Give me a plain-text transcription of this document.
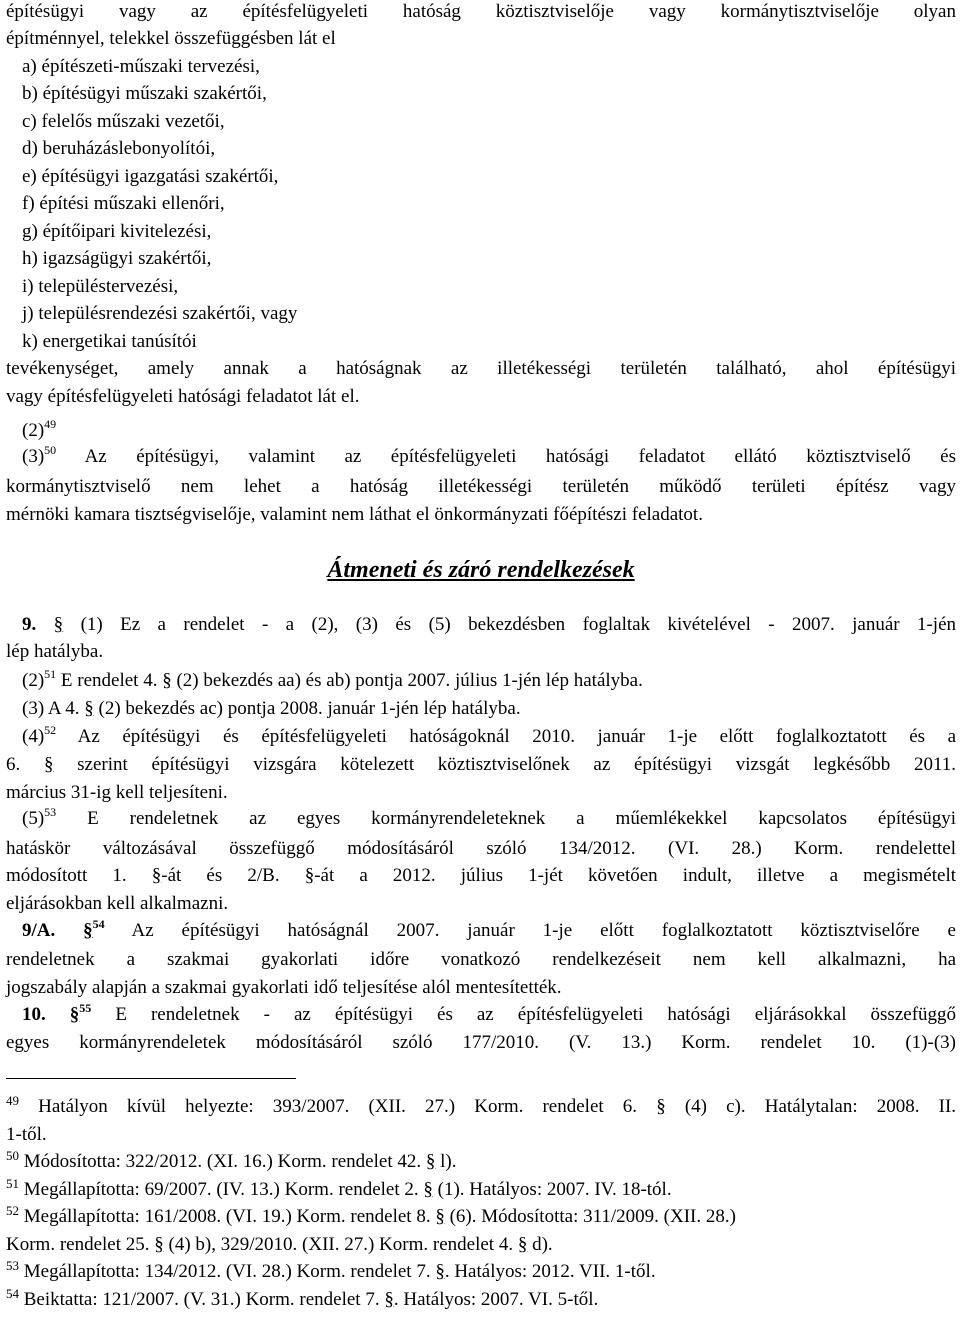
építésügyi vagy az építésfelügyeleti hatóság köztisztviselője vagy kormánytisztviselője olyan
építménnyel, telekkel összefüggésben lát el
a) építészeti-műszaki tervezési,
b) építésügyi műszaki szakértői,
c) felelős műszaki vezetői,
d) beruházáslebonyolítói,
e) építésügyi igazgatási szakértői,
f) építési műszaki ellenőri,
g) építőipari kivitelezési,
h) igazságügyi szakértői,
i) településtervezési,
j) településrendezési szakértői, vagy
k) energetikai tanúsítói
tevékenységet, amely annak a hatóságnak az illetékességi területén található, ahol építésügyi
vagy építésfelügyeleti hatósági feladatot lát el.
$(2)^{49}$
$(3)^{50}$ Az építésügyi, valamint az építésfelügyeleti hatósági feladatot ellátó köztisztviselő és
kormánytisztviselő nem lehet a hatóság illetékességi területén működő területi építész vagy
mérnöki kamara tisztségviselője, valamint nem láthat el önkormányzati főépítészi feladatot.
Átmeneti és záró rendelkezések
9. § (1) Ez a rendelet - a (2), (3) és (5) bekezdésben foglaltak kivételével - 2007. január 1-jén
lép hatályba.
$(2)^{51}$ E rendelet 4. § (2) bekezdés aa) és ab) pontja 2007. július 1-jén lép hatályba.
(3) A 4. § (2) bekezdés ac) pontja 2008. január 1-jén lép hatályba.
$(4)^{52}$ Az építésügyi és építésfelügyeleti hatóságoknál 2010. január 1-je előtt foglalkoztatott és a
6. § szerint építésügyi vizsgára kötelezett köztisztviselőnek az építésügyi vizsgát legkésőbb 2011.
március 31-ig kell teljesíteni.
$(5)^{53}$ E rendeletnek az egyes kormányrendeleteknek a műemlékekkel kapcsolatos építésügyi
hatáskör változásával összefüggő módosításáról szóló 134/2012. (VI. 28.) Korm. rendelettel
módosított 1. §-át és 2/B. §-át a 2012. július 1-jét követően indult, illetve a megismételt
eljárásokban kell alkalmazni.
9/A. §$^{54}$ Az építésügyi hatóságnál 2007. január 1-je előtt foglalkoztatott köztisztviselőre e
rendeletnek a szakmai gyakorlati időre vonatkozó rendelkezéseit nem kell alkalmazni, ha
jogszabály alapján a szakmai gyakorlati idő teljesítése alól mentesítették.
10. §$^{55}$ E rendeletnek - az építésügyi és az építésfelügyeleti hatósági eljárásokkal összefüggő
egyes kormányrendeletek módosításáról szóló 177/2010. (V. 13.) Korm. rendelet 10. (1)-(3)
$^{49}$ Hatályon kívül helyezte: 393/2007. (XII. 27.) Korm. rendelet 6. § (4) c). Hatálytalan: 2008. II.
1-től.
$^{50}$ Módosította: 322/2012. (XI. 16.) Korm. rendelet 42. § l).
$^{51}$ Megállapította: 69/2007. (IV. 13.) Korm. rendelet 2. § (1). Hatályos: 2007. IV. 18-tól.
$^{52}$ Megállapította: 161/2008. (VI. 19.) Korm. rendelet 8. § (6). Módosította: 311/2009. (XII. 28.)
Korm. rendelet 25. § (4) b), 329/2010. (XII. 27.) Korm. rendelet 4. § d).
$^{53}$ Megállapította: 134/2012. (VI. 28.) Korm. rendelet 7. §. Hatályos: 2012. VII. 1-től.
$^{54}$ Beiktatta: 121/2007. (V. 31.) Korm. rendelet 7. §. Hatályos: 2007. VI. 5-től.
